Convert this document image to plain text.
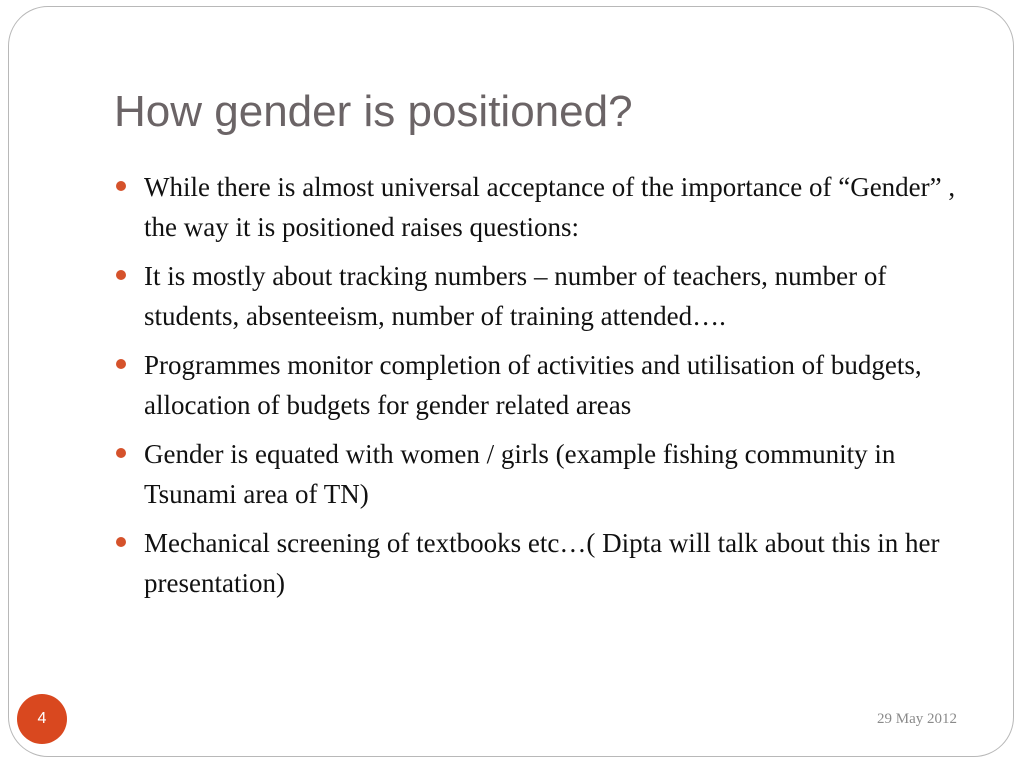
How gender is positioned?
While there is almost universal acceptance of the importance of “Gender” , the way it is positioned raises questions:
It is mostly about tracking numbers – number of teachers, number of students, absenteeism, number of training attended….
Programmes monitor completion of activities and utilisation of budgets, allocation of budgets for gender related areas
Gender is equated with women / girls (example fishing community in Tsunami area of TN)
Mechanical screening of textbooks etc…( Dipta will talk about this in her presentation)
4	29 May 2012
